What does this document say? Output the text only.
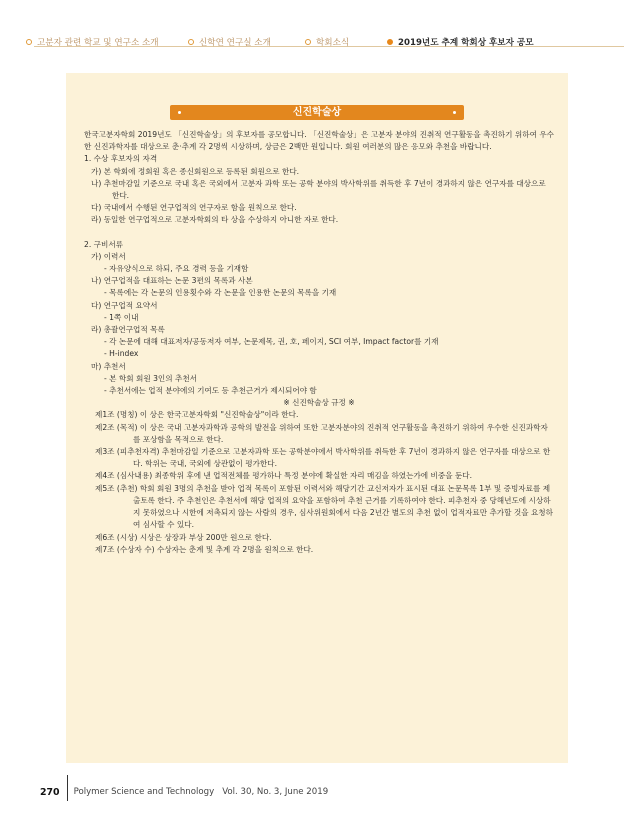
고분자 관련 학교 및 연구소 소개	신학연 연구실 소개	학회소식	2019년도 추계 학회상 후보자 공모
신진학술상

한국고분자학회 2019년도 「신진학술상」의 후보자를 공모합니다. 「신진학술상」은 고분자 분야의 진취적 연구활동을 촉진하기 위하여 우수한 신진과학자를 대상으로 춘·추계 각 2명씩 시상하며, 상금은 2백만 원입니다. 회원 여러분의 많은 응모와 추천을 바랍니다.

1. 수상 후보자의 자격

가) 본 학회에 정회원 혹은 종신회원으로 등록된 회원으로 한다.

나) 추천마감일 기준으로 국내 혹은 국외에서 고분자 과학 또는 공학 분야의 박사학위를 취득한 후 7년이 경과하지 않은 연구자를 대상으로 한다.

다) 국내에서 수행된 연구업적의 연구자로 함을 원칙으로 한다.

라) 동일한 연구업적으로 고분자학회의 타 상을 수상하지 아니한 자로 한다.

2. 구비서류

가) 이력서

- 자유양식으로 하되, 주요 경력 등을 기재함

나) 연구업적을 대표하는 논문 3편의 목록과 사본

- 목록에는 각 논문의 인용횟수와 각 논문을 인용한 논문의 목록을 기재

다) 연구업적 요약서

- 1쪽 이내

라) 총괄연구업적 목록

- 각 논문에 대해 대표저자/공동저자 여부, 논문제목, 권, 호, 페이지, SCI 여부, Impact factor를 기재

- H-index

마) 추천서

- 본 학회 회원 3인의 추천서

- 추천서에는 업적 분야에의 기여도 등 추천근거가 제시되어야 함

※ 신진학술상 규정 ※

제1조 (명칭) 이 상은 한국고분자학회 "신진학술상"이라 한다.

제2조 (목적) 이 상은 국내 고분자과학과 공학의 발전을 위하여 또한 고분자분야의 진취적 연구활동을 촉진하기 위하여 우수한 신진과학자를 포상함을 목적으로 한다.

제3조 (피추천자격) 추천마감일 기준으로 고분자과학 또는 공학분야에서 박사학위를 취득한 후 7년이 경과하지 않은 연구자를 대상으로 한다. 학위는 국내, 국외에 상관없이 평가한다.

제4조 (심사내용) 최종학위 후에 낸 업적전체를 평가하나 특정 분야에 확실한 자리 매김을 하였는가에 비중을 둔다.

제5조 (추천) 학회 회원 3명의 추천을 받아 업적 목록이 포함된 이력서와 해당기간 교신저자가 표시된 대표 논문목록 1부 및 증빙자료를 제출토록 한다. 주 추천인은 추천서에 해당 업적의 요약을 포함하여 추천 근거를 기록하여야 한다. 피추천자 중 당해년도에 시상하지 못하였으나 시한에 저촉되지 않는 사람의 경우, 심사위원회에서 다음 2년간 별도의 추천 없이 업적자료만 추가할 것을 요청하여 심사할 수 있다.

제6조 (시상) 시상은 상장과 부상 200만 원으로 한다.

제7조 (수상자 수) 수상자는 춘계 및 추계 각 2명을 원칙으로 한다.

270 Polymer Science and Technology Vol. 30, No. 3, June 2019
